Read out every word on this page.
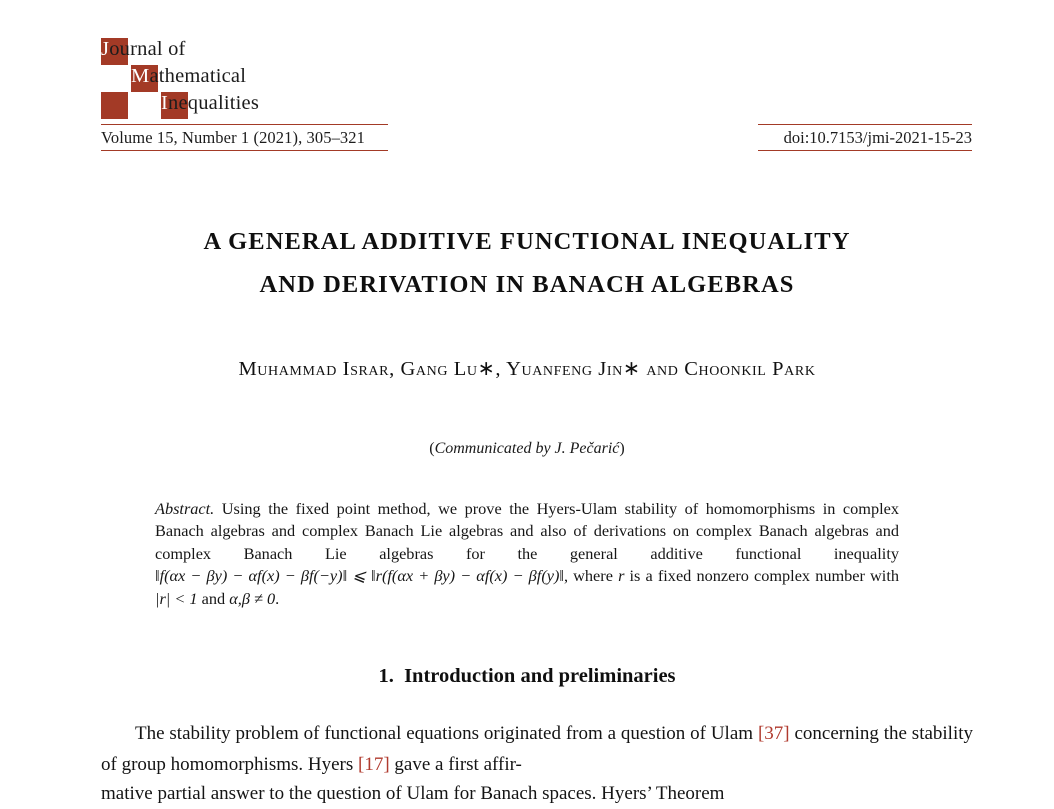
Journal of
Mathematical
Inequalities
Volume 15, Number 1 (2021), 305–321	doi:10.7153/jmi-2021-15-23
A GENERAL ADDITIVE FUNCTIONAL INEQUALITY
AND DERIVATION IN BANACH ALGEBRAS
Muhammad Israr, Gang Lu∗, Yuanfeng Jin∗ and Choonkil Park
(Communicated by J. Pečarić)
Abstract. Using the fixed point method, we prove the Hyers-Ulam stability of homomorphisms in complex Banach algebras and complex Banach Lie algebras and also of derivations on complex Banach algebras and complex Banach Lie algebras for the general additive functional inequality ‖f(αx − βy) − αf(x) − βf(−y)‖ ⩽ ‖r(f(αx + βy) − αf(x) − βf(y)‖, where r is a fixed nonzero complex number with |r| < 1 and α,β ≠ 0.
1. Introduction and preliminaries
The stability problem of functional equations originated from a question of Ulam [37] concerning the stability of group homomorphisms. Hyers [17] gave a first affir-
mative partial answer to the question of Ulam for Banach spaces. Hyers’ Theorem
